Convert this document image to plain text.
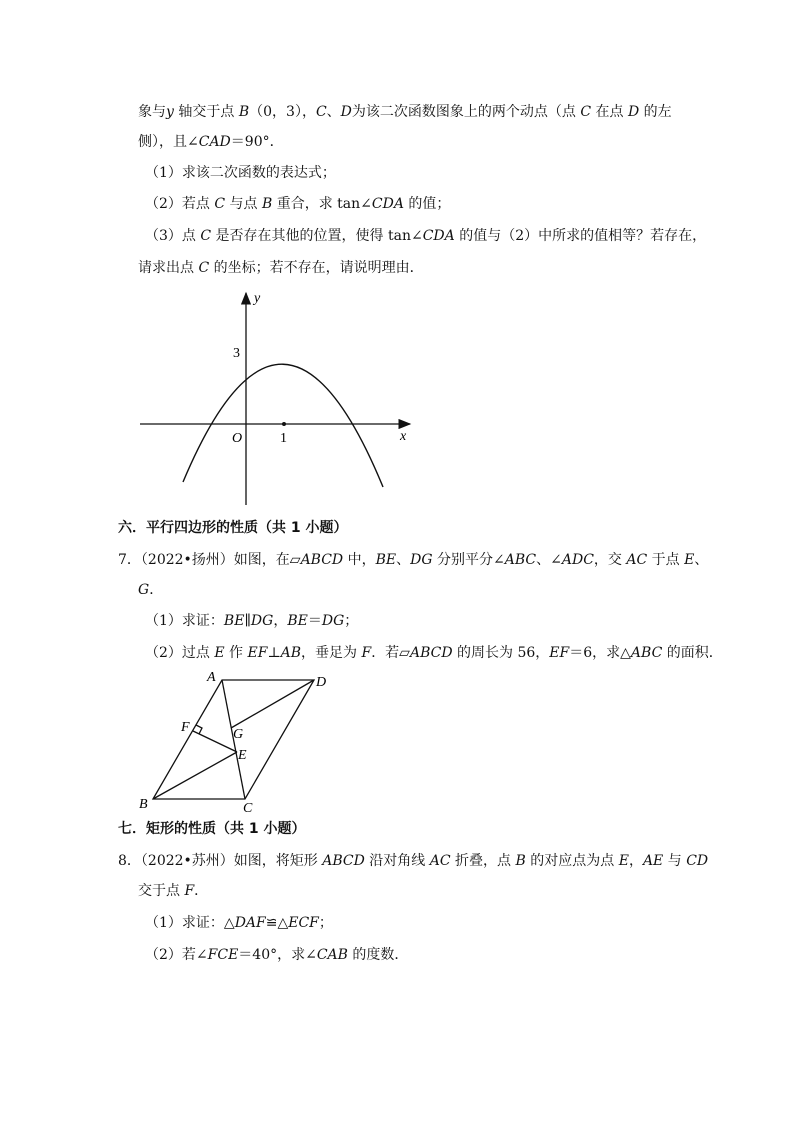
象与y 轴交于点 B（0，3），C、D为该二次函数图象上的两个动点（点 C 在点 D 的左
侧），且∠CAD＝90°．
（1）求该二次函数的表达式；
（2）若点 C 与点 B 重合，求 tan∠CDA 的值；
（3）点 C 是否存在其他的位置，使得 tan∠CDA 的值与（2）中所求的值相等？若存在，
请求出点 C 的坐标；若不存在，请说明理由．
y
x
O
3
1
六．平行四边形的性质（共 1 小题）
7．（2022•扬州）如图，在▱ABCD 中，BE、DG 分别平分∠ABC、∠ADC，交 AC 于点 E、
G．
（1）求证：BE∥DG，BE＝DG；
（2）过点 E 作 EF⊥AB，垂足为 F．若▱ABCD 的周长为 56，EF＝6，求△ABC 的面积．
A	D
F	G
E
B	C
七．矩形的性质（共 1 小题）
8．（2022•苏州）如图，将矩形 ABCD 沿对角线 AC 折叠，点 B 的对应点为点 E，AE 与 CD
交于点 F．
（1）求证：△DAF≌△ECF；
（2）若∠FCE＝40°，求∠CAB 的度数．
